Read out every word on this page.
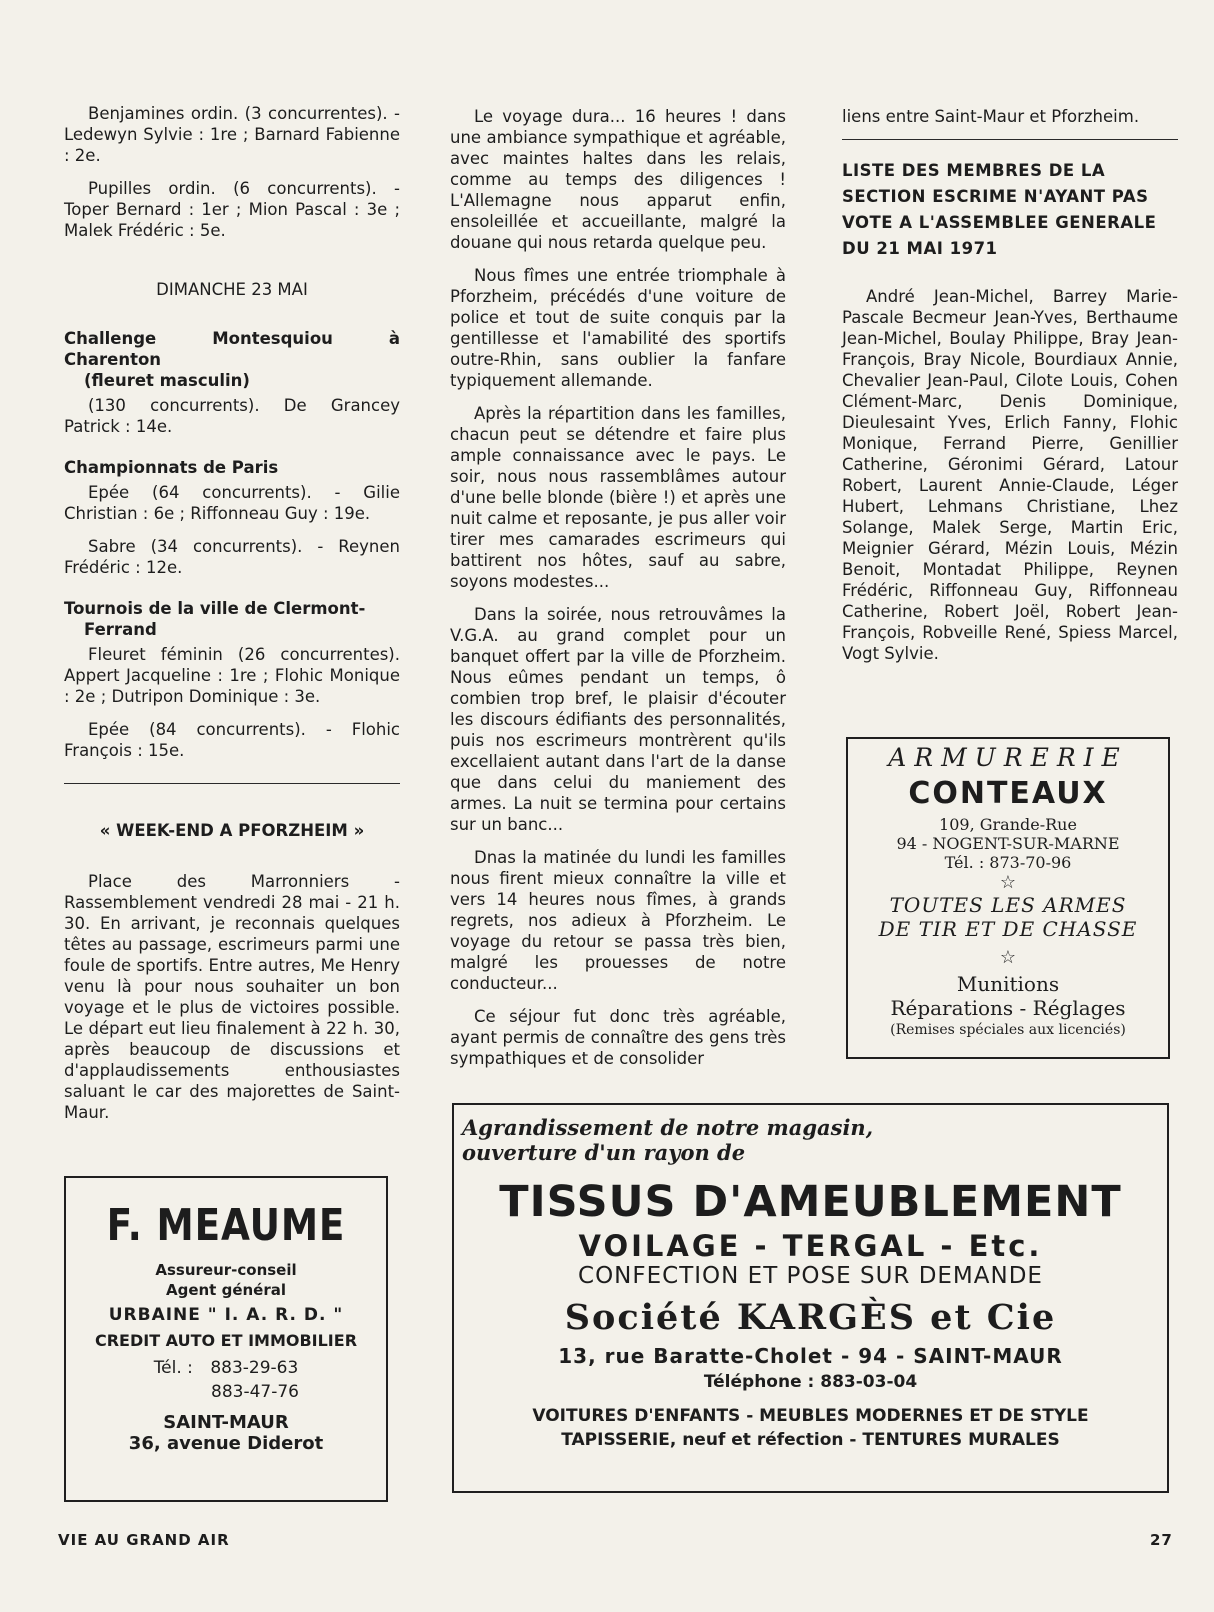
Benjamines ordin. (3 concurrentes). - Ledewyn Sylvie : 1re ; Barnard Fabienne : 2e.

Pupilles ordin. (6 concurrents). - Toper Bernard : 1er ; Mion Pascal : 3e ; Malek Frédéric : 5e.

DIMANCHE 23 MAI

Challenge Montesquiou à Charenton
(fleuret masculin)

(130 concurrents). De Grancey Patrick : 14e.

Championnats de Paris

Epée (64 concurrents). - Gilie Christian : 6e ; Riffonneau Guy : 19e.

Sabre (34 concurrents). - Reynen Frédéric : 12e.

Tournois de la ville de Clermont-
Ferrand

Fleuret féminin (26 concurrentes). Appert Jacqueline : 1re ; Flohic Monique : 2e ; Dutripon Dominique : 3e.

Epée (84 concurrents). - Flohic François : 15e.

« WEEK-END A PFORZHEIM »

Place des Marronniers - Rassemblement vendredi 28 mai - 21 h. 30. En arrivant, je reconnais quelques têtes au passage, escrimeurs parmi une foule de sportifs. Entre autres, Me Henry venu là pour nous souhaiter un bon voyage et le plus de victoires possible. Le départ eut lieu finalement à 22 h. 30, après beaucoup de discussions et d'applaudissements enthousiastes saluant le car des majorettes de Saint-Maur.

Le voyage dura... 16 heures ! dans une ambiance sympathique et agréable, avec maintes haltes dans les relais, comme au temps des diligences ! L'Allemagne nous apparut enfin, ensoleillée et accueillante, malgré la douane qui nous retarda quelque peu.

Nous fîmes une entrée triomphale à Pforzheim, précédés d'une voiture de police et tout de suite conquis par la gentillesse et l'amabilité des sportifs outre-Rhin, sans oublier la fanfare typiquement allemande.

Après la répartition dans les familles, chacun peut se détendre et faire plus ample connaissance avec le pays. Le soir, nous nous rassemblâmes autour d'une belle blonde (bière !) et après une nuit calme et reposante, je pus aller voir tirer mes camarades escrimeurs qui battirent nos hôtes, sauf au sabre, soyons modestes...

Dans la soirée, nous retrouvâmes la V.G.A. au grand complet pour un banquet offert par la ville de Pforzheim. Nous eûmes pendant un temps, ô combien trop bref, le plaisir d'écouter les discours édifiants des personnalités, puis nos escrimeurs montrèrent qu'ils excellaient autant dans l'art de la danse que dans celui du maniement des armes. La nuit se termina pour certains sur un banc...

Dnas la matinée du lundi les familles nous firent mieux connaître la ville et vers 14 heures nous fîmes, à grands regrets, nos adieux à Pforzheim. Le voyage du retour se passa très bien, malgré les prouesses de notre conducteur...

Ce séjour fut donc très agréable, ayant permis de connaître des gens très sympathiques et de consolider

liens entre Saint-Maur et Pforzheim.

LISTE DES MEMBRES DE LA SECTION ESCRIME N'AYANT PAS VOTE A L'ASSEMBLEE GENERALE DU 21 MAI 1971

André Jean-Michel, Barrey Marie-Pascale Becmeur Jean-Yves, Berthaume Jean-Michel, Boulay Philippe, Bray Jean-François, Bray Nicole, Bourdiaux Annie, Chevalier Jean-Paul, Cilote Louis, Cohen Clément-Marc, Denis Dominique, Dieulesaint Yves, Erlich Fanny, Flohic Monique, Ferrand Pierre, Genillier Catherine, Géronimi Gérard, Latour Robert, Laurent Annie-Claude, Léger Hubert, Lehmans Christiane, Lhez Solange, Malek Serge, Martin Eric, Meignier Gérard, Mézin Louis, Mézin Benoit, Montadat Philippe, Reynen Frédéric, Riffonneau Guy, Riffonneau Catherine, Robert Joël, Robert Jean-François, Robveille René, Spiess Marcel, Vogt Sylvie.

ARMURERIE
CONTEAUX
109, Grande-Rue
94 - NOGENT-SUR-MARNE
Tél. : 873-70-96
☆
TOUTES LES ARMES
DE TIR ET DE CHASSE
☆
Munitions
Réparations - Réglages
(Remises spéciales aux licenciés)
F. MEAUME
Assureur-conseil
Agent général
URBAINE " I. A. R. D. "
CREDIT AUTO ET IMMOBILIER
Tél. : 883-29-63
883-47-76
SAINT-MAUR
36, avenue Diderot
Agrandissement de notre magasin,
ouverture d'un rayon de
TISSUS D'AMEUBLEMENT
VOILAGE - TERGAL - Etc.
CONFECTION ET POSE SUR DEMANDE
Société KARGÈS et Cie
13, rue Baratte-Cholet - 94 - SAINT-MAUR
Téléphone : 883-03-04
VOITURES D'ENFANTS - MEUBLES MODERNES ET DE STYLE
TAPISSERIE, neuf et réfection - TENTURES MURALES
VIE AU GRAND AIR	27
